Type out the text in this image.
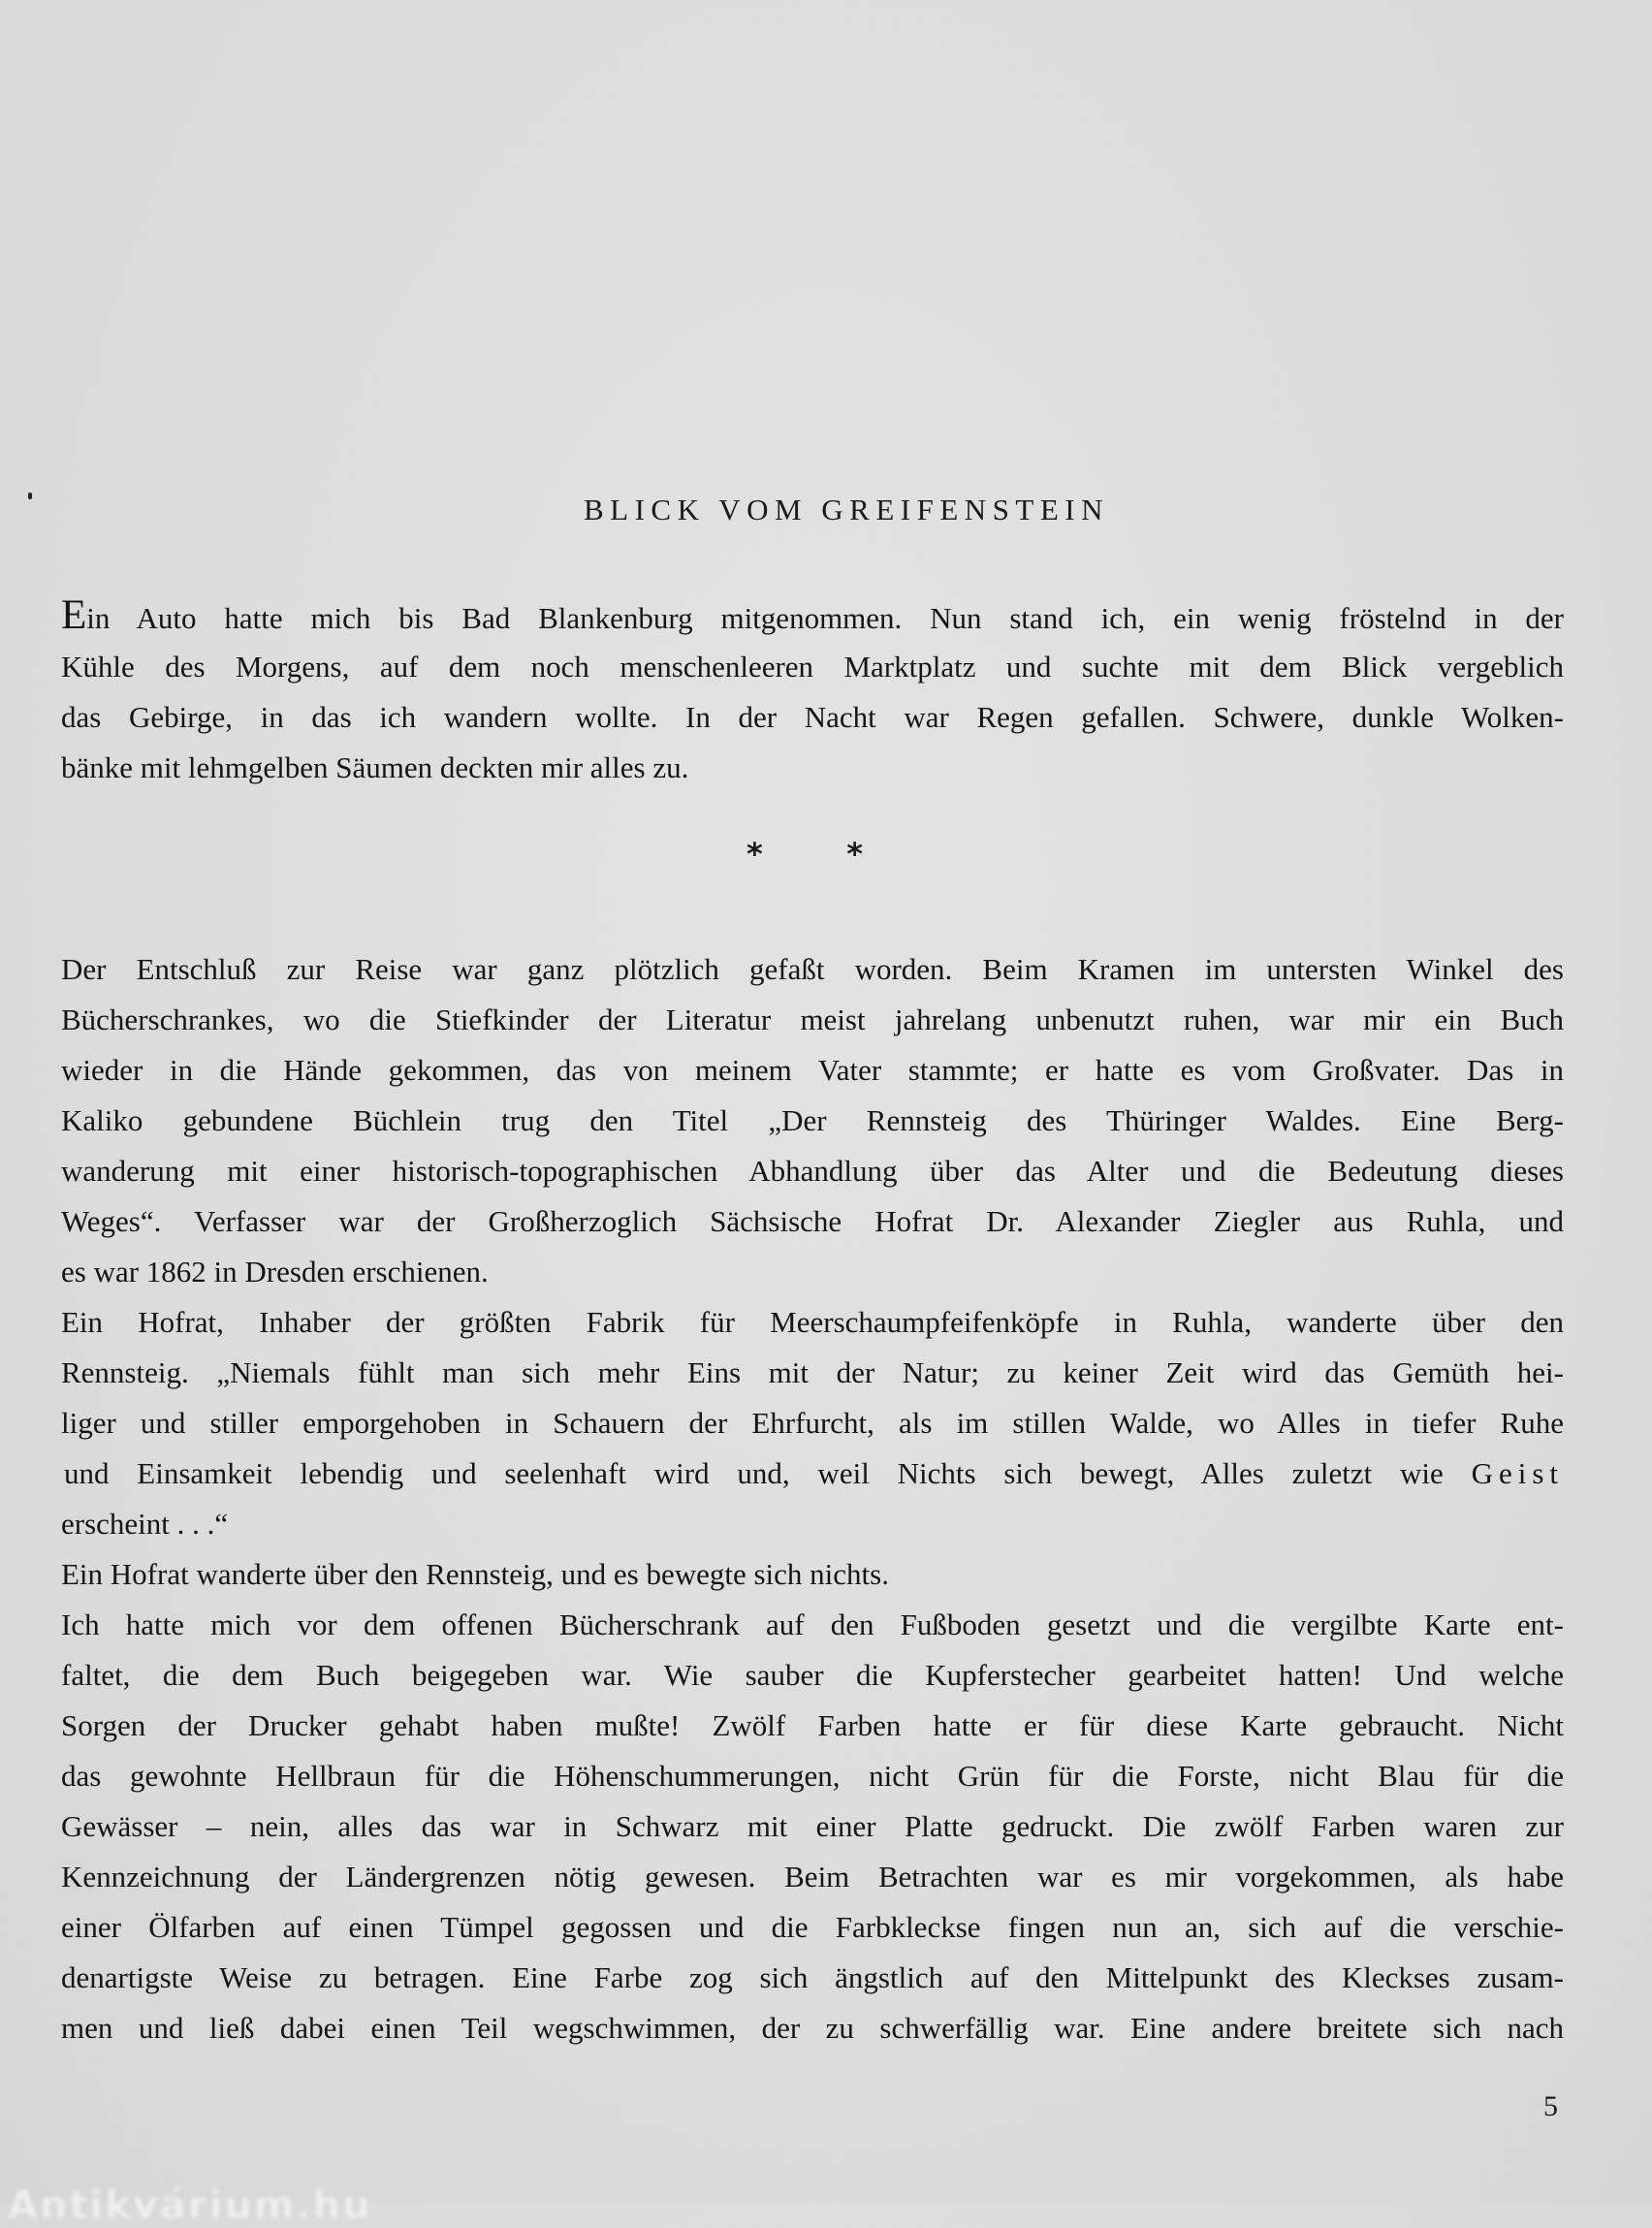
BLICK VOM GREIFENSTEIN
Ein Auto hatte mich bis Bad Blankenburg mitgenommen. Nun stand ich, ein wenig fröstelnd in der
Kühle des Morgens, auf dem noch menschenleeren Marktplatz und suchte mit dem Blick vergeblich
das Gebirge, in das ich wandern wollte. In der Nacht war Regen gefallen. Schwere, dunkle Wolken-
bänke mit lehmgelben Säumen deckten mir alles zu.
*	*
Der Entschluß zur Reise war ganz plötzlich gefaßt worden. Beim Kramen im untersten Winkel des
Bücherschrankes, wo die Stiefkinder der Literatur meist jahrelang unbenutzt ruhen, war mir ein Buch
wieder in die Hände gekommen, das von meinem Vater stammte; er hatte es vom Großvater. Das in
Kaliko gebundene Büchlein trug den Titel „Der Rennsteig des Thüringer Waldes. Eine Berg-
wanderung mit einer historisch-topographischen Abhandlung über das Alter und die Bedeutung dieses
Weges“. Verfasser war der Großherzoglich Sächsische Hofrat Dr. Alexander Ziegler aus Ruhla, und
es war 1862 in Dresden erschienen.
Ein Hofrat, Inhaber der größten Fabrik für Meerschaumpfeifenköpfe in Ruhla, wanderte über den
Rennsteig. „Niemals fühlt man sich mehr Eins mit der Natur; zu keiner Zeit wird das Gemüth hei-
liger und stiller emporgehoben in Schauern der Ehrfurcht, als im stillen Walde, wo Alles in tiefer Ruhe
und Einsamkeit lebendig und seelenhaft wird und, weil Nichts sich bewegt, Alles zuletzt wie Geist
erscheint . . .“
Ein Hofrat wanderte über den Rennsteig, und es bewegte sich nichts.
Ich hatte mich vor dem offenen Bücherschrank auf den Fußboden gesetzt und die vergilbte Karte ent-
faltet, die dem Buch beigegeben war. Wie sauber die Kupferstecher gearbeitet hatten! Und welche
Sorgen der Drucker gehabt haben mußte! Zwölf Farben hatte er für diese Karte gebraucht. Nicht
das gewohnte Hellbraun für die Höhenschummerungen, nicht Grün für die Forste, nicht Blau für die
Gewässer – nein, alles das war in Schwarz mit einer Platte gedruckt. Die zwölf Farben waren zur
Kennzeichnung der Ländergrenzen nötig gewesen. Beim Betrachten war es mir vorgekommen, als habe
einer Ölfarben auf einen Tümpel gegossen und die Farbkleckse fingen nun an, sich auf die verschie-
denartigste Weise zu betragen. Eine Farbe zog sich ängstlich auf den Mittelpunkt des Kleckses zusam-
men und ließ dabei einen Teil wegschwimmen, der zu schwerfällig war. Eine andere breitete sich nach
5
Antikvárium.hu
